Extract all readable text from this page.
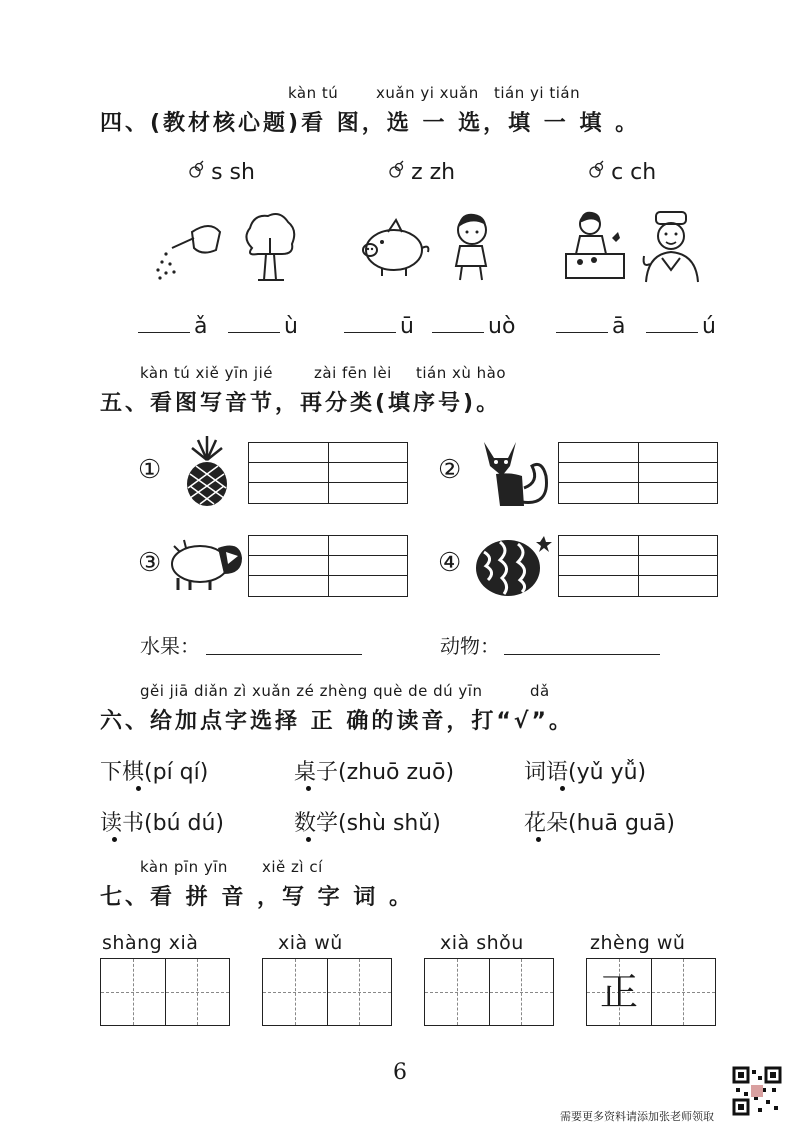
kàn tú	xuǎn yi xuǎn tián yi tián
四、(教材核心题)看 图，选 一 选，填 一 填 。
s sh	z zh	c ch
ǎ	ù	ū	uò	ā	ú
kàn tú xiě yīn jié	zài fēn lèi tián xù hào
五、看图写音节，再分类(填序号)。
①	②
③	④
水果：	动物：
gěi jiā diǎn zì xuǎn zé zhèng què de dú yīn	dǎ
六、给加点字选择 正 确的读音，打“√”。
下棋(pí qí)	桌子(zhuō zuō)	词语(yǔ yǚ)
读书(bú dú)	数学(shù shǔ)	花朵(huā guā)
kàn pīn yīn xiě zì cí
七、看 拼 音 ，写 字 词 。
shàng xià	xià wǔ	xià shǒu	zhèng wǔ
正
6
需要更多资料请添加张老师领取
